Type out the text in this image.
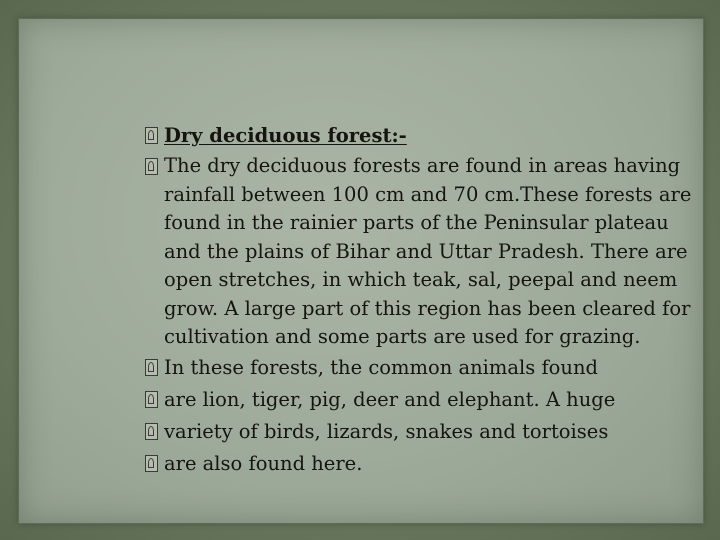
Dry deciduous forest:-

The dry deciduous forests are found in areas having rainfall between 100 cm and 70 cm.These forests are found in the rainier parts of the Peninsular plateau and the plains of Bihar and Uttar Pradesh. There are open stretches, in which teak, sal, peepal and neem grow. A large part of this region has been cleared for cultivation and some parts are used for grazing.

In these forests, the common animals found

are lion, tiger, pig, deer and elephant. A huge

variety of birds, lizards, snakes and tortoises

are also found here.
